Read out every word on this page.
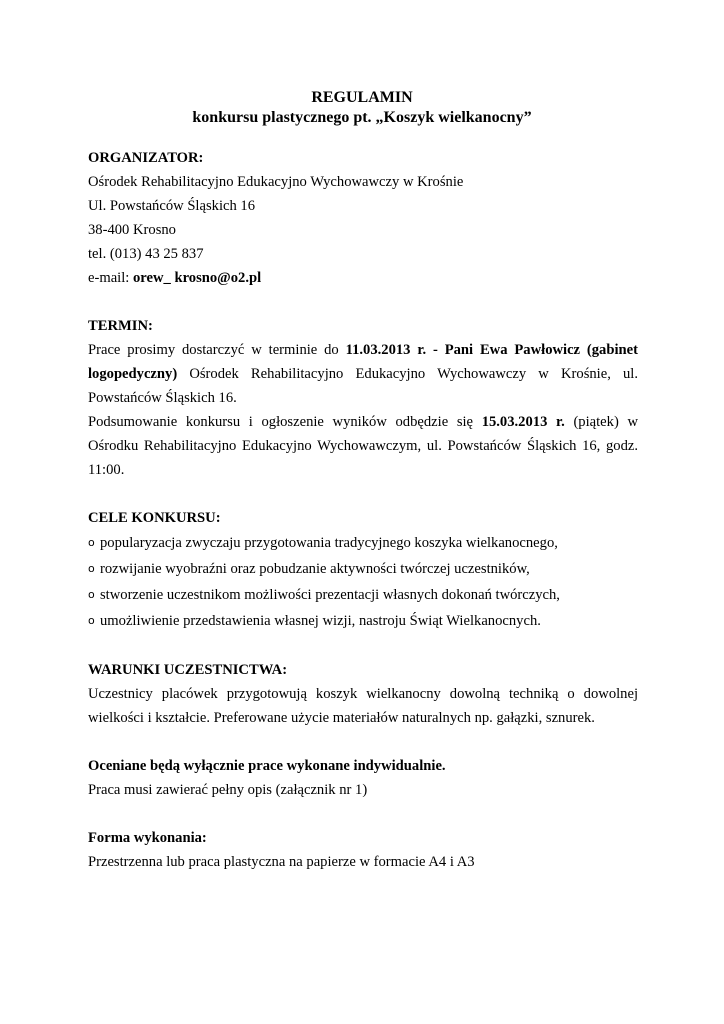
REGULAMIN
konkursu plastycznego pt. „Koszyk wielkanocny”
ORGANIZATOR:
Ośrodek Rehabilitacyjno Edukacyjno Wychowawczy w Krośnie
Ul. Powstańców Śląskich 16
38-400 Krosno
tel. (013) 43 25 837
e-mail: orew_ krosno@o2.pl
TERMIN:
Prace prosimy dostarczyć w terminie do 11.03.2013 r. - Pani Ewa Pawłowicz (gabinet logopedyczny) Ośrodek Rehabilitacyjno Edukacyjno Wychowawczy w Krośnie, ul. Powstańców Śląskich 16.
Podsumowanie konkursu i ogłoszenie wyników odbędzie się 15.03.2013 r. (piątek) w Ośrodku Rehabilitacyjno Edukacyjno Wychowawczym, ul. Powstańców Śląskich 16, godz. 11:00.
CELE KONKURSU:
o popularyzacja zwyczaju przygotowania tradycyjnego koszyka wielkanocnego,
o rozwijanie wyobraźni oraz pobudzanie aktywności twórczej uczestników,
o stworzenie uczestnikom możliwości prezentacji własnych dokonań twórczych,
o umożliwienie przedstawienia własnej wizji, nastroju Świąt Wielkanocnych.
WARUNKI UCZESTNICTWA:
Uczestnicy placówek przygotowują koszyk wielkanocny dowolną techniką o dowolnej wielkości i kształcie. Preferowane użycie materiałów naturalnych np. gałązki, sznurek.
Oceniane będą wyłącznie prace wykonane indywidualnie.
Praca musi zawierać pełny opis (załącznik nr 1)
Forma wykonania:
Przestrzenna lub praca plastyczna na papierze w formacie A4 i A3
